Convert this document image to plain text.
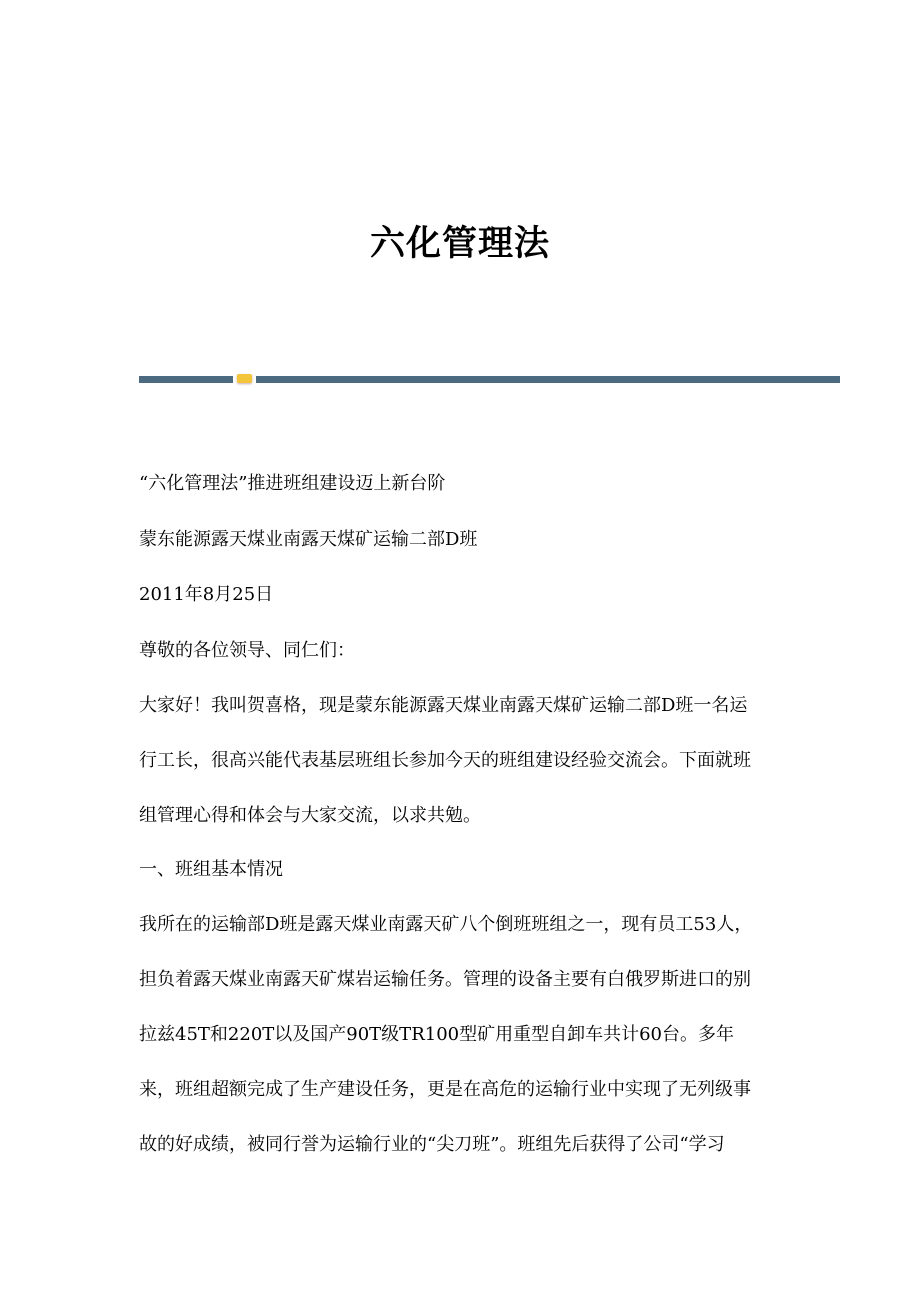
六化管理法
“六化管理法”推进班组建设迈上新台阶
蒙东能源露天煤业南露天煤矿运输二部D班
2011年8月25日
尊敬的各位领导、同仁们：
大家好！我叫贺喜格，现是蒙东能源露天煤业南露天煤矿运输二部D班一名运
行工长，很高兴能代表基层班组长参加今天的班组建设经验交流会。下面就班
组管理心得和体会与大家交流，以求共勉。
一、班组基本情况
我所在的运输部D班是露天煤业南露天矿八个倒班班组之一，现有员工53人，
担负着露天煤业南露天矿煤岩运输任务。管理的设备主要有白俄罗斯进口的别
拉兹45T和220T以及国产90T级TR100型矿用重型自卸车共计60台。多年
来，班组超额完成了生产建设任务，更是在高危的运输行业中实现了无列级事
故的好成绩，被同行誉为运输行业的“尖刀班”。班组先后获得了公司“学习
